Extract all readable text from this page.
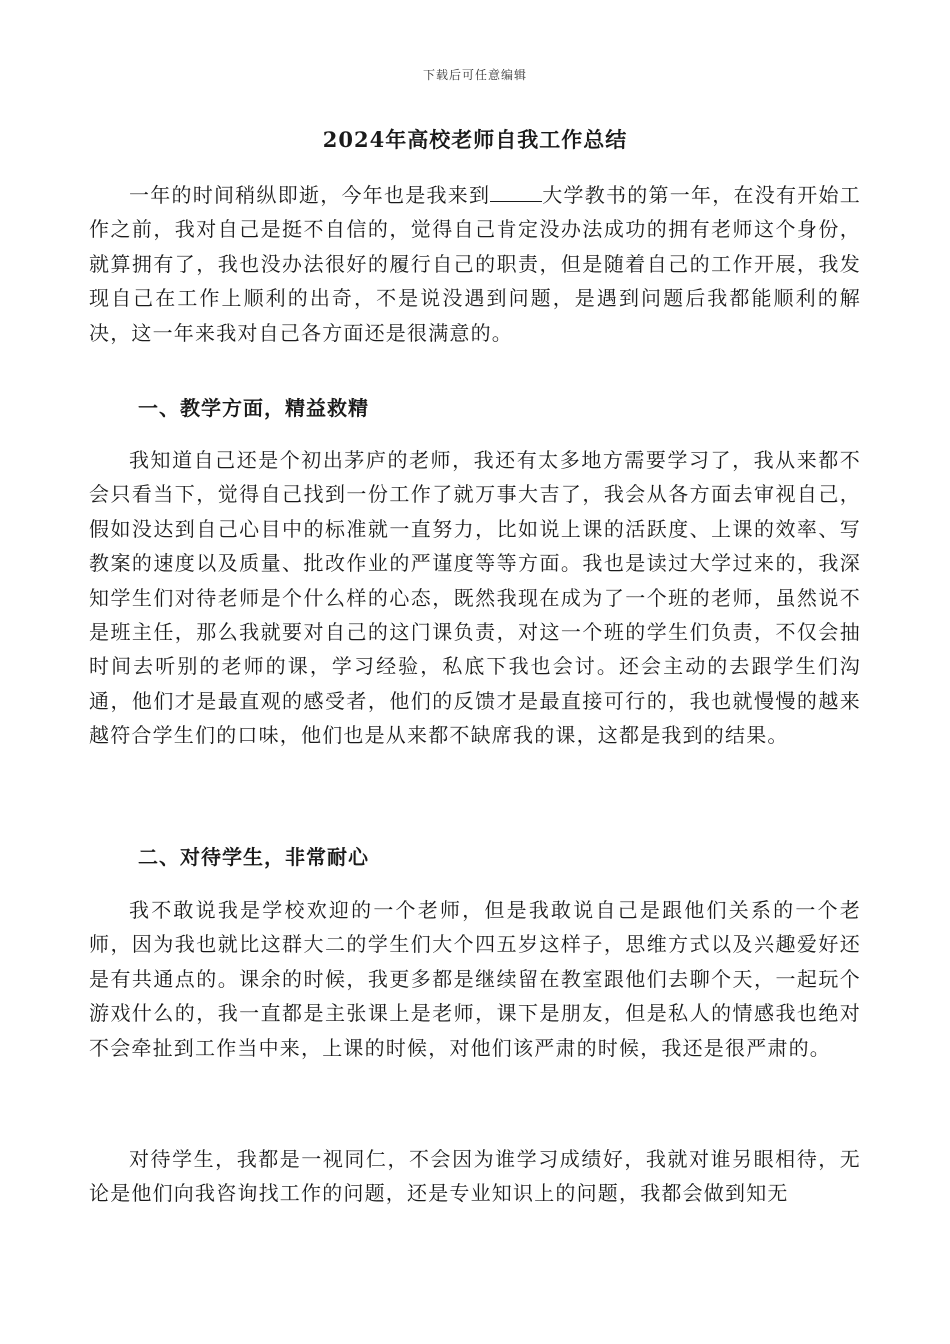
下载后可任意编辑
2024年高校老师自我工作总结

一年的时间稍纵即逝，今年也是我来到	大学教书的第一年，在没有开始工作之前，我对自己是挺不自信的，觉得自己肯定没办法成功的拥有老师这个身份，就算拥有了，我也没办法很好的履行自己的职责，但是随着自己的工作开展，我发现自己在工作上顺利的出奇，不是说没遇到问题，是遇到问题后我都能顺利的解决，这一年来我对自己各方面还是很满意的。

一、教学方面，精益救精

我知道自己还是个初出茅庐的老师，我还有太多地方需要学习了，我从来都不会只看当下，觉得自己找到一份工作了就万事大吉了，我会从各方面去审视自己，假如没达到自己心目中的标准就一直努力，比如说上课的活跃度、上课的效率、写教案的速度以及质量、批改作业的严谨度等等方面。我也是读过大学过来的，我深知学生们对待老师是个什么样的心态，既然我现在成为了一个班的老师，虽然说不是班主任，那么我就要对自己的这门课负责，对这一个班的学生们负责，不仅会抽时间去听别的老师的课，学习经验，私底下我也会讨。还会主动的去跟学生们沟通，他们才是最直观的感受者，他们的反馈才是最直接可行的，我也就慢慢的越来越符合学生们的口味，他们也是从来都不缺席我的课，这都是我到的结果。

二、对待学生，非常耐心

我不敢说我是学校欢迎的一个老师，但是我敢说自己是跟他们关系的一个老师，因为我也就比这群大二的学生们大个四五岁这样子，思维方式以及兴趣爱好还是有共通点的。课余的时候，我更多都是继续留在教室跟他们去聊个天，一起玩个游戏什么的，我一直都是主张课上是老师，课下是朋友，但是私人的情感我也绝对不会牵扯到工作当中来，上课的时候，对他们该严肃的时候，我还是很严肃的。

对待学生，我都是一视同仁，不会因为谁学习成绩好，我就对谁另眼相待，无论是他们向我咨询找工作的问题，还是专业知识上的问题，我都会做到知无
